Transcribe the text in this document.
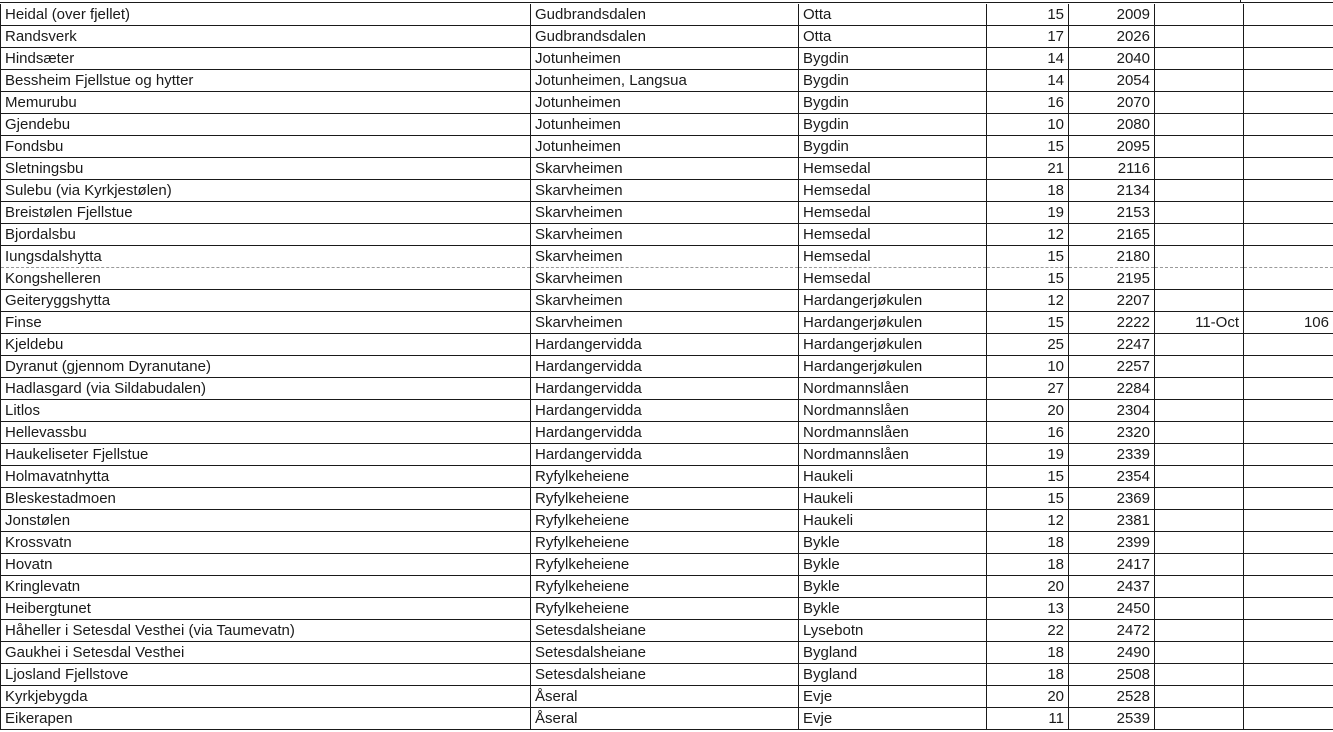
Heidal (over fjellet)	Gudbrandsdalen	Otta	15	2009		
Randsverk	Gudbrandsdalen	Otta	17	2026		
Hindsæter	Jotunheimen	Bygdin	14	2040		
Bessheim Fjellstue og hytter	Jotunheimen, Langsua	Bygdin	14	2054		
Memurubu	Jotunheimen	Bygdin	16	2070		
Gjendebu	Jotunheimen	Bygdin	10	2080		
Fondsbu	Jotunheimen	Bygdin	15	2095		
Sletningsbu	Skarvheimen	Hemsedal	21	2116		
Sulebu (via Kyrkjestølen)	Skarvheimen	Hemsedal	18	2134		
Breistølen Fjellstue	Skarvheimen	Hemsedal	19	2153		
Bjordalsbu	Skarvheimen	Hemsedal	12	2165		
Iungsdalshytta	Skarvheimen	Hemsedal	15	2180		
Kongshelleren	Skarvheimen	Hemsedal	15	2195		
Geiteryggshytta	Skarvheimen	Hardangerjøkulen	12	2207		
Finse	Skarvheimen	Hardangerjøkulen	15	2222	11-Oct	106
Kjeldebu	Hardangervidda	Hardangerjøkulen	25	2247		
Dyranut (gjennom Dyranutane)	Hardangervidda	Hardangerjøkulen	10	2257		
Hadlasgard (via Sildabudalen)	Hardangervidda	Nordmannslåen	27	2284		
Litlos	Hardangervidda	Nordmannslåen	20	2304		
Hellevassbu	Hardangervidda	Nordmannslåen	16	2320		
Haukeliseter Fjellstue	Hardangervidda	Nordmannslåen	19	2339		
Holmavatnhytta	Ryfylkeheiene	Haukeli	15	2354		
Bleskestadmoen	Ryfylkeheiene	Haukeli	15	2369		
Jonstølen	Ryfylkeheiene	Haukeli	12	2381		
Krossvatn	Ryfylkeheiene	Bykle	18	2399		
Hovatn	Ryfylkeheiene	Bykle	18	2417		
Kringlevatn	Ryfylkeheiene	Bykle	20	2437		
Heibergtunet	Ryfylkeheiene	Bykle	13	2450		
Håheller i Setesdal Vesthei (via Taumevatn)	Setesdalsheiane	Lysebotn	22	2472		
Gaukhei i Setesdal Vesthei	Setesdalsheiane	Bygland	18	2490		
Ljosland Fjellstove	Setesdalsheiane	Bygland	18	2508		
Kyrkjebygda	Åseral	Evje	20	2528		
Eikerapen	Åseral	Evje	11	2539		
